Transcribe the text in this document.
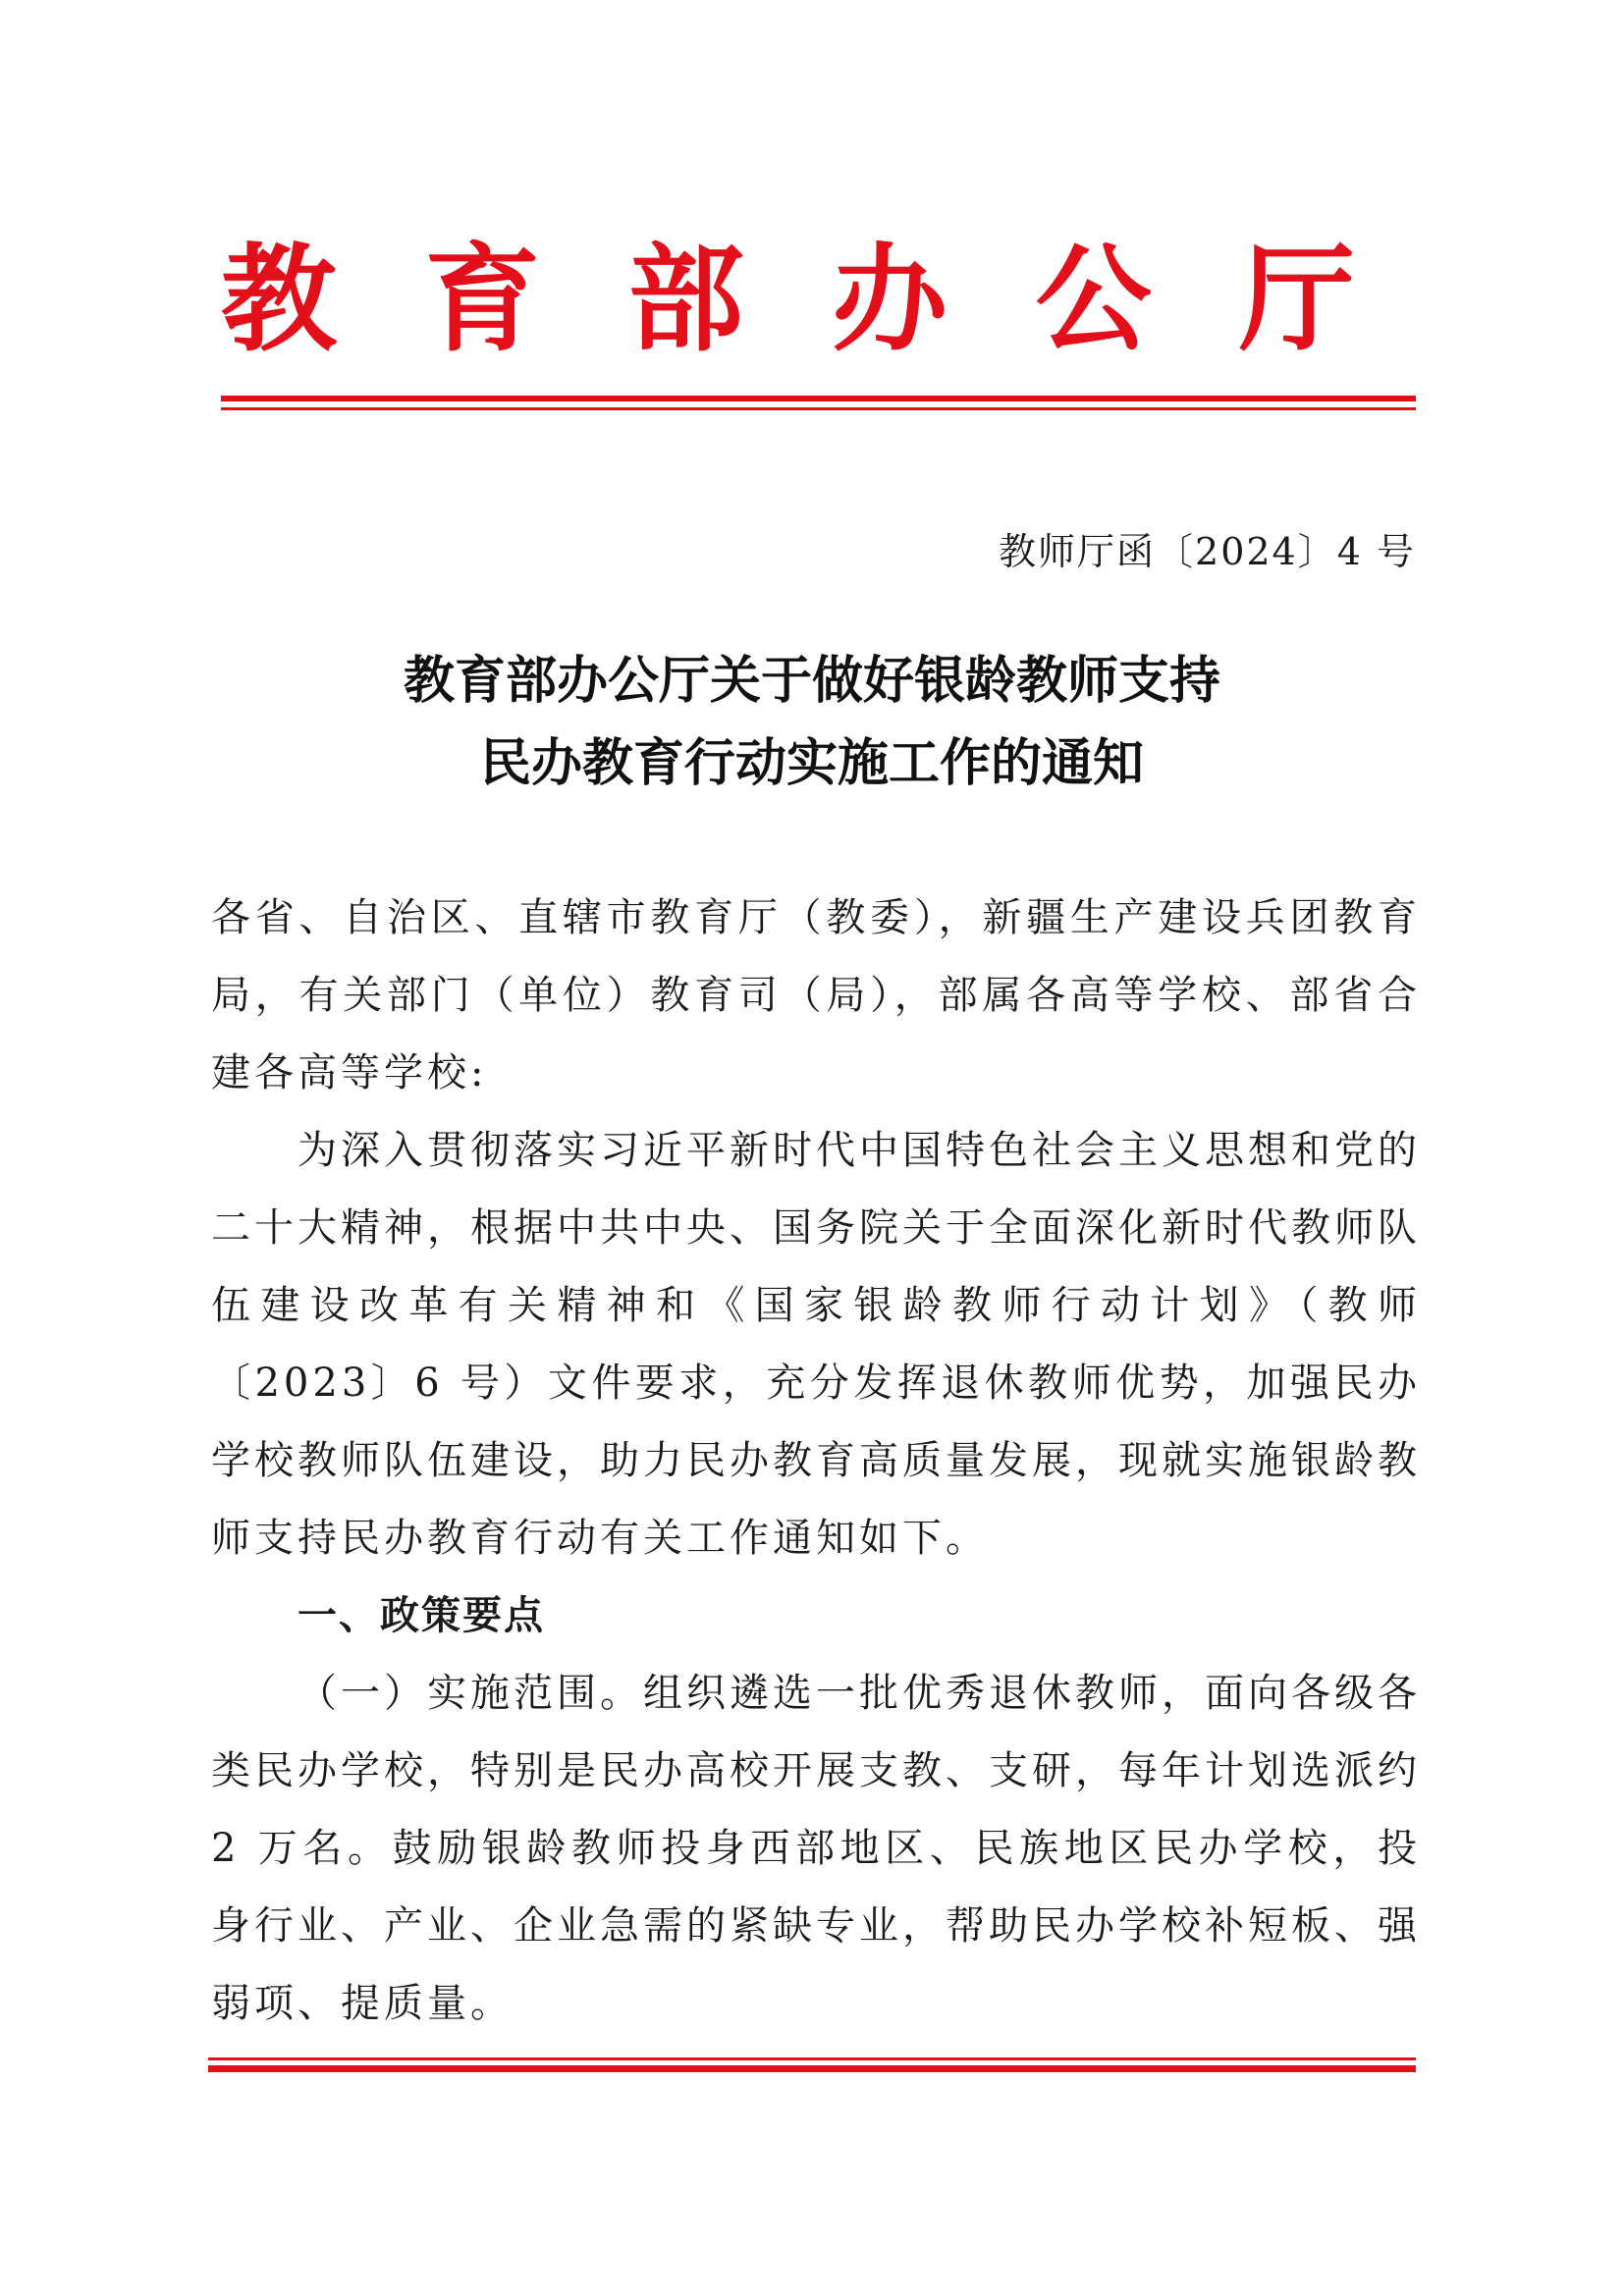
教 育 部 办 公 厅
教师厅函〔2024〕4 号
教育部办公厅关于做好银龄教师支持
民办教育行动实施工作的通知

各省、自治区、直辖市教育厅（教委），新疆生产建设兵团教育局，有关部门（单位）教育司（局），部属各高等学校、部省合建各高等学校:

为深入贯彻落实习近平新时代中国特色社会主义思想和党的二十大精神，根据中共中央、国务院关于全面深化新时代教师队伍建设改革有关精神和《国家银龄教师行动计划》（教师〔2023〕6 号）文件要求，充分发挥退休教师优势，加强民办学校教师队伍建设，助力民办教育高质量发展，现就实施银龄教师支持民办教育行动有关工作通知如下。

一、政策要点

（一）实施范围。组织遴选一批优秀退休教师，面向各级各类民办学校，特别是民办高校开展支教、支研，每年计划选派约 2 万名。鼓励银龄教师投身西部地区、民族地区民办学校，投身行业、产业、企业急需的紧缺专业，帮助民办学校补短板、强弱项、提质量。
